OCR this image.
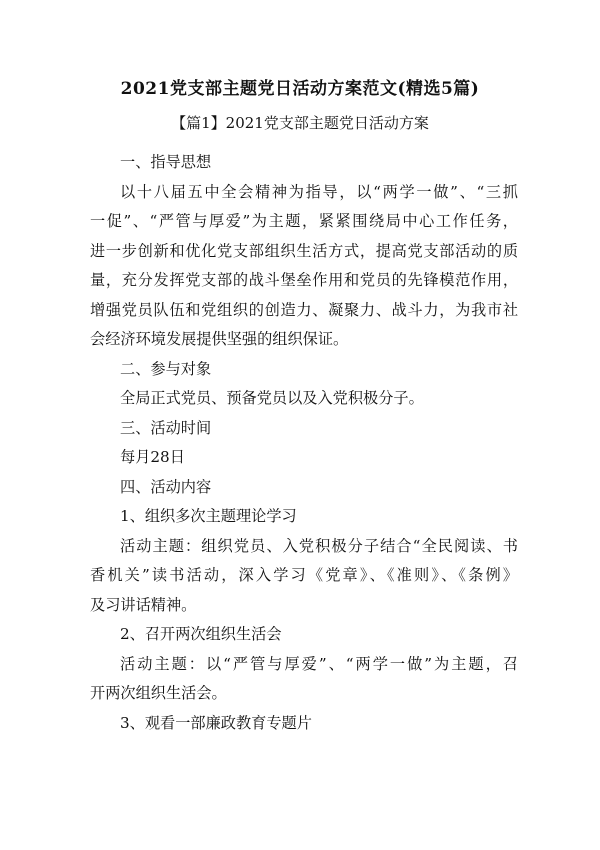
2021党支部主题党日活动方案范文(精选5篇)
【篇1】2021党支部主题党日活动方案
一、指导思想
以十八届五中全会精神为指导，以“两学一做”、“三抓
一促”、“严管与厚爱”为主题，紧紧围绕局中心工作任务，
进一步创新和优化党支部组织生活方式，提高党支部活动的质
量，充分发挥党支部的战斗堡垒作用和党员的先锋模范作用，
增强党员队伍和党组织的创造力、凝聚力、战斗力，为我市社
会经济环境发展提供坚强的组织保证。
二、参与对象
全局正式党员、预备党员以及入党积极分子。
三、活动时间
每月28日
四、活动内容
1、组织多次主题理论学习
活动主题：组织党员、入党积极分子结合“全民阅读、书
香机关”读书活动，深入学习《党章》、《准则》、《条例》
及习讲话精神。
2、召开两次组织生活会
活动主题：以“严管与厚爱”、“两学一做”为主题，召
开两次组织生活会。
3、观看一部廉政教育专题片
